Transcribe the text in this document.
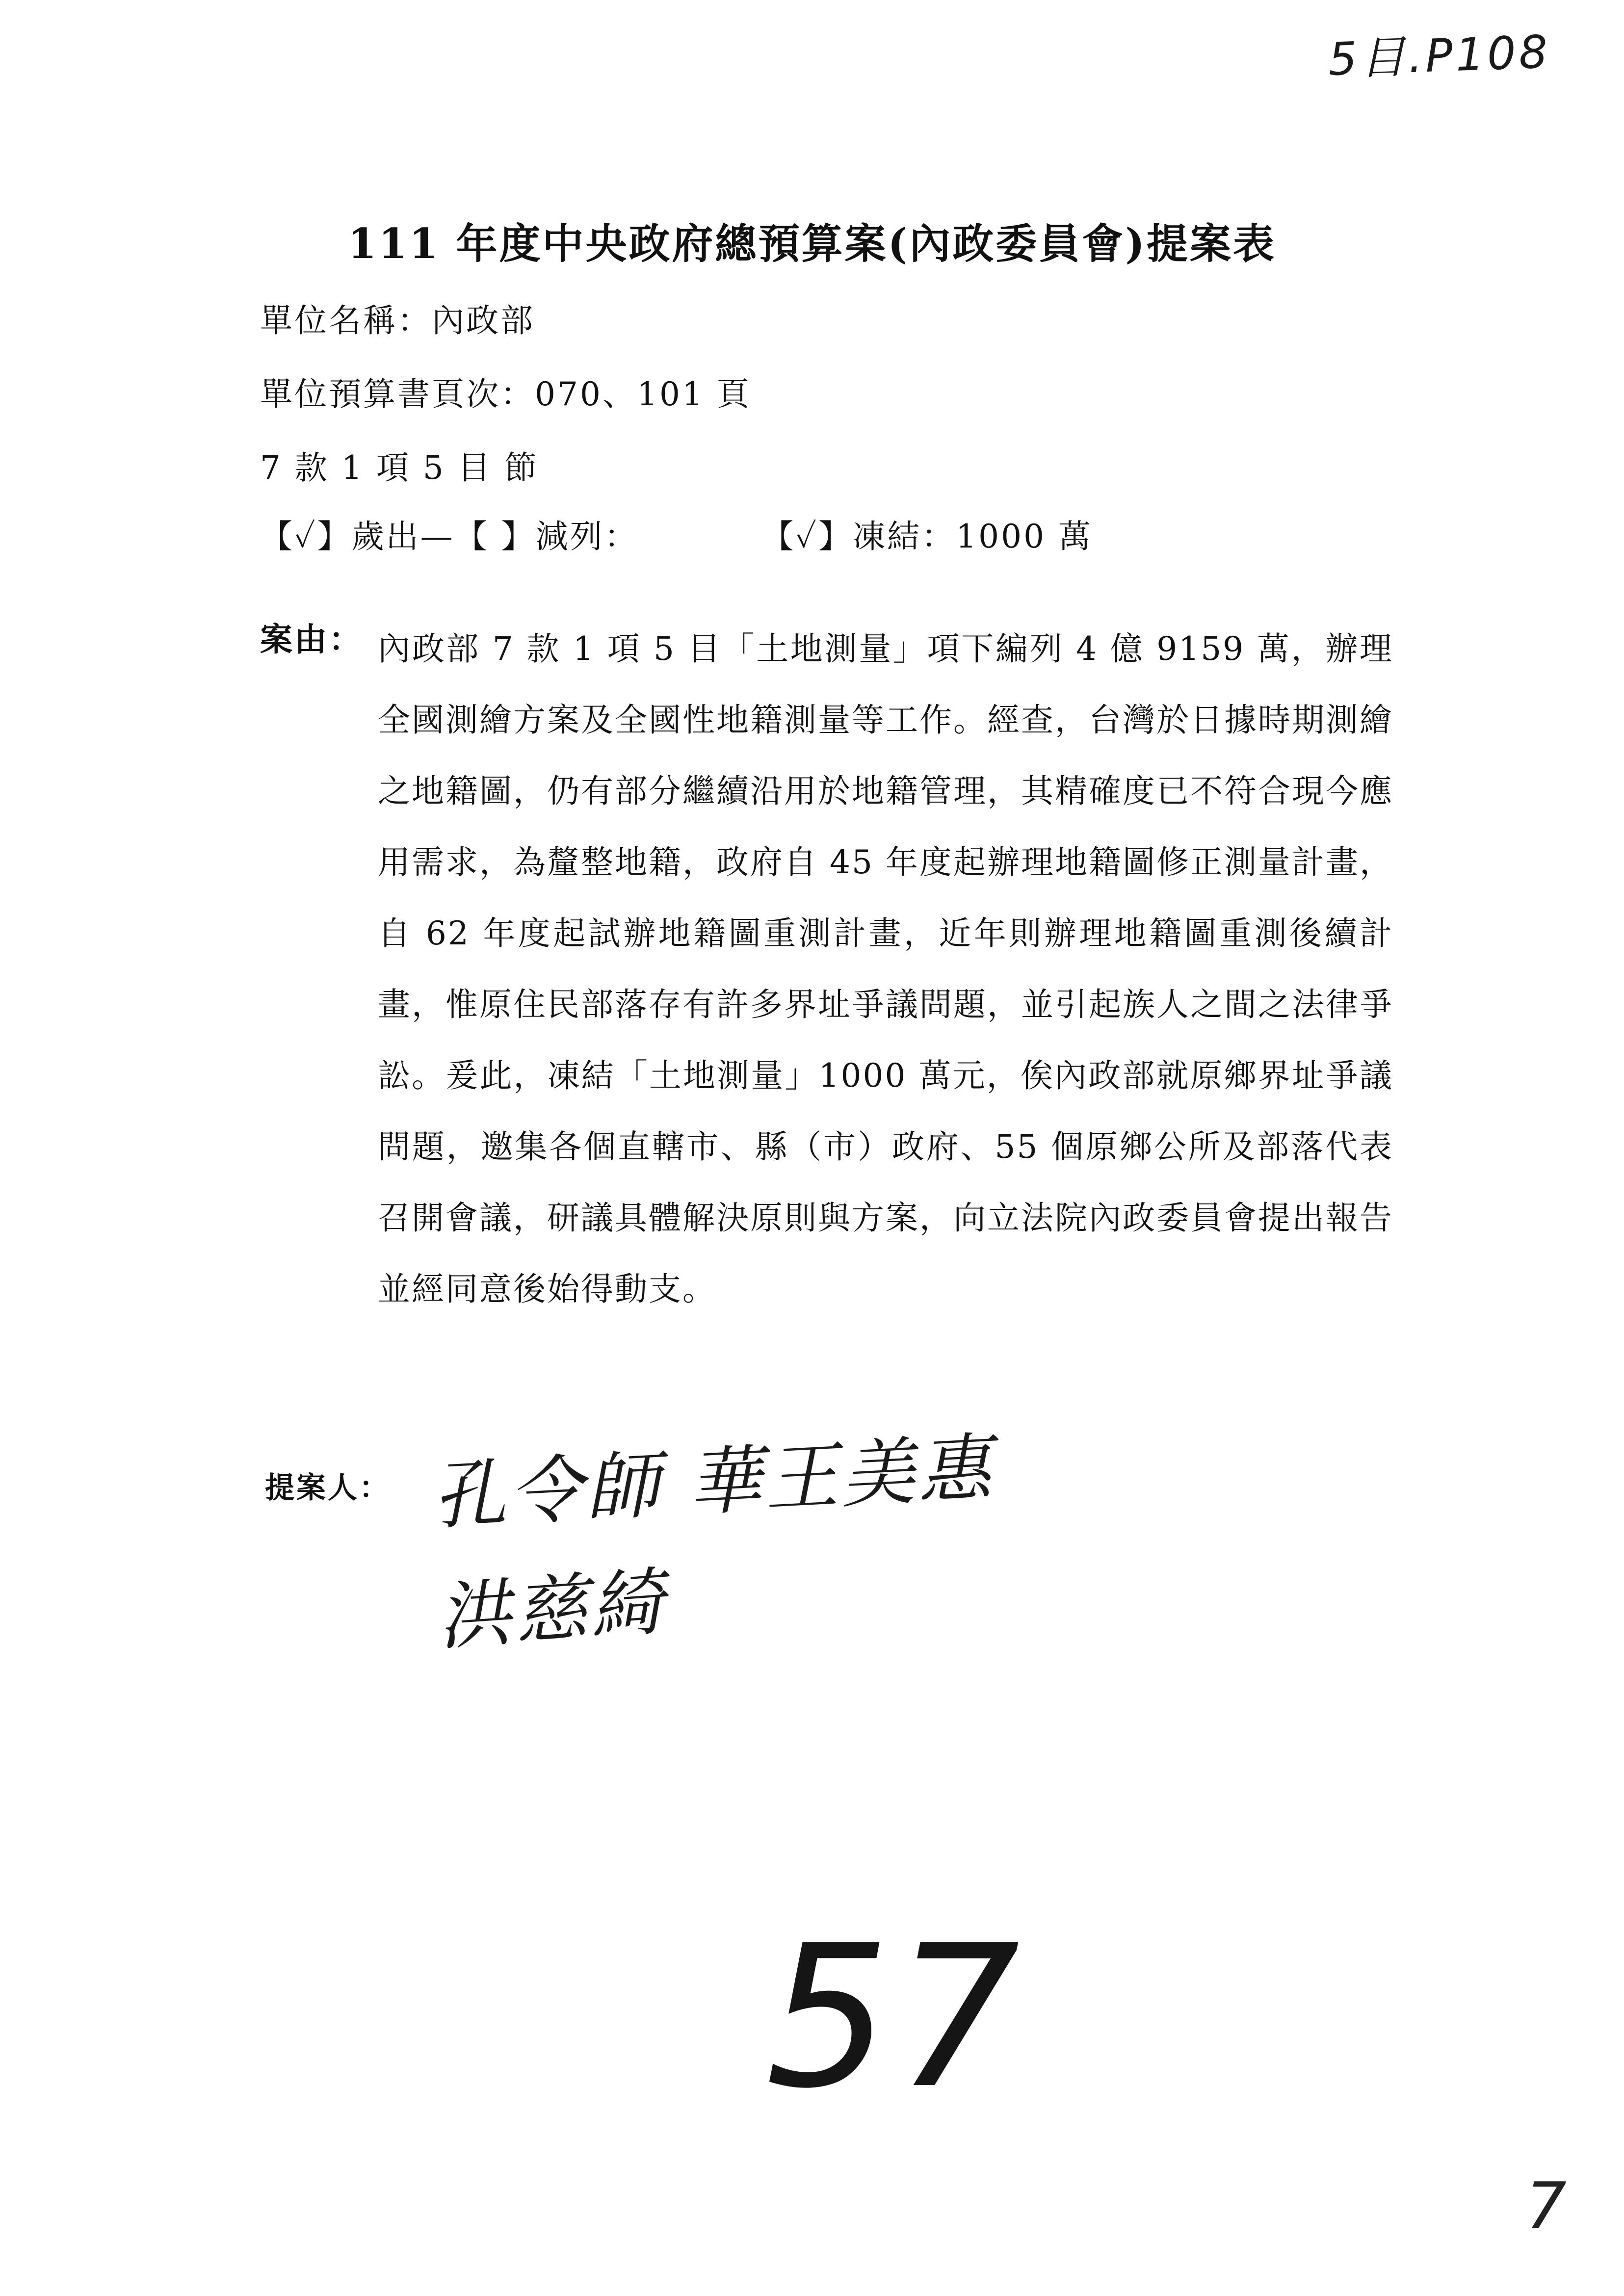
5目.P108
111 年度中央政府總預算案(內政委員會)提案表
單位名稱：內政部
單位預算書頁次：070、101 頁
7 款 1 項 5 目 節
【✓】歲出—【 】減列：	【✓】凍結：1000 萬
案由： 內政部 7 款 1 項 5 目「土地測量」項下編列 4 億 9159 萬，辦理全國測繪方案及全國性地籍測量等工作。經查，台灣於日據時期測繪之地籍圖，仍有部分繼續沿用於地籍管理，其精確度已不符合現今應用需求，為釐整地籍，政府自 45 年度起辦理地籍圖修正測量計畫，自 62 年度起試辦地籍圖重測計畫，近年則辦理地籍圖重測後續計畫，惟原住民部落存有許多界址爭議問題，並引起族人之間之法律爭訟。爰此，凍結「土地測量」1000 萬元，俟內政部就原鄉界址爭議問題，邀集各個直轄市、縣（市）政府、55 個原鄉公所及部落代表召開會議，研議具體解決原則與方案，向立法院內政委員會提出報告並經同意後始得動支。

提案人： 孔令師 華王美惠
洪慈綺
57
7
